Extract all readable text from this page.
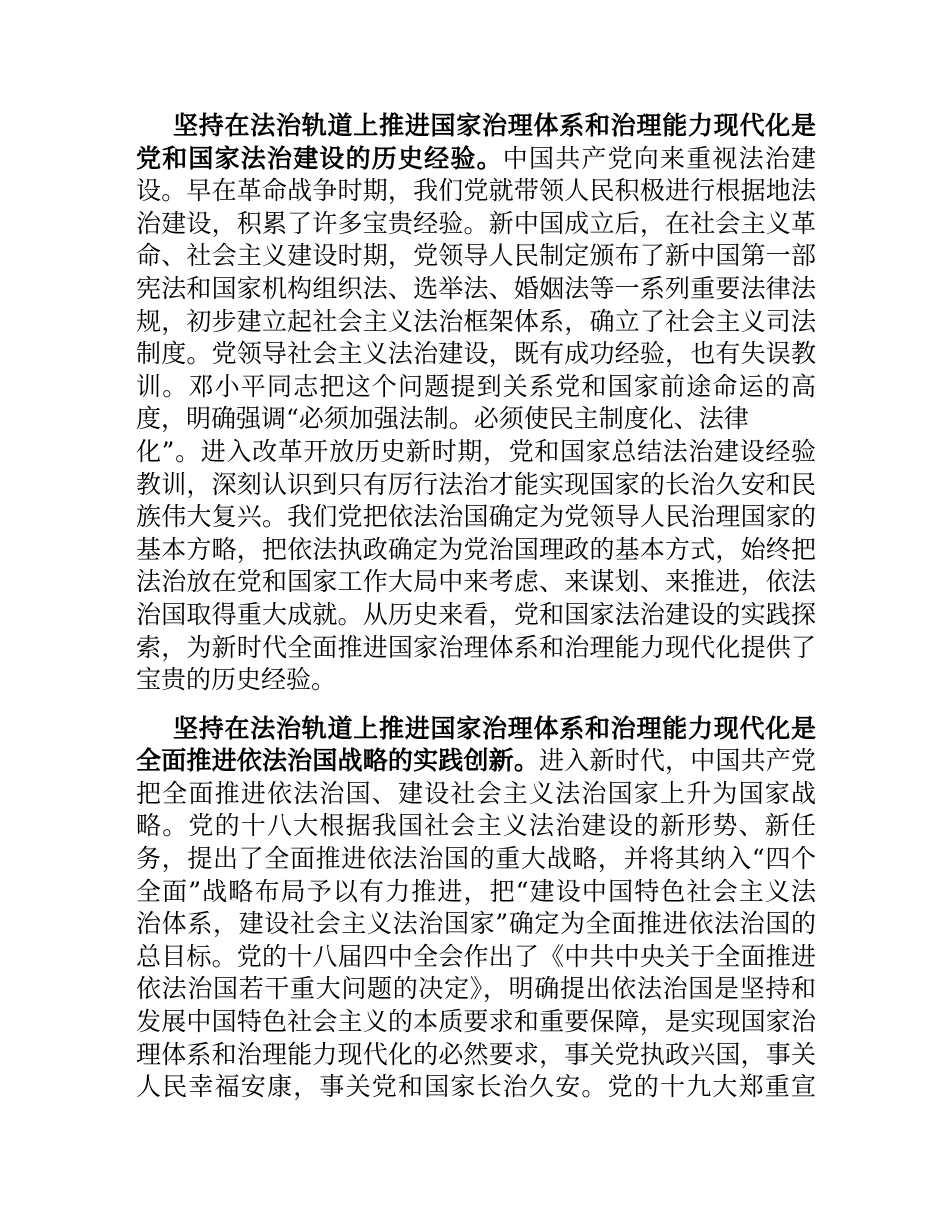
坚持在法治轨道上推进国家治理体系和治理能力现代化是
党和国家法治建设的历史经验。中国共产党向来重视法治建
设。早在革命战争时期，我们党就带领人民积极进行根据地法
治建设，积累了许多宝贵经验。新中国成立后，在社会主义革
命、社会主义建设时期，党领导人民制定颁布了新中国第一部
宪法和国家机构组织法、选举法、婚姻法等一系列重要法律法
规，初步建立起社会主义法治框架体系，确立了社会主义司法
制度。党领导社会主义法治建设，既有成功经验，也有失误教
训。邓小平同志把这个问题提到关系党和国家前途命运的高
度，明确强调“必须加强法制。必须使民主制度化、法律
化”。进入改革开放历史新时期，党和国家总结法治建设经验
教训，深刻认识到只有厉行法治才能实现国家的长治久安和民
族伟大复兴。我们党把依法治国确定为党领导人民治理国家的
基本方略，把依法执政确定为党治国理政的基本方式，始终把
法治放在党和国家工作大局中来考虑、来谋划、来推进，依法
治国取得重大成就。从历史来看，党和国家法治建设的实践探
索，为新时代全面推进国家治理体系和治理能力现代化提供了
宝贵的历史经验。
坚持在法治轨道上推进国家治理体系和治理能力现代化是
全面推进依法治国战略的实践创新。进入新时代，中国共产党
把全面推进依法治国、建设社会主义法治国家上升为国家战
略。党的十八大根据我国社会主义法治建设的新形势、新任
务，提出了全面推进依法治国的重大战略，并将其纳入“四个
全面”战略布局予以有力推进，把“建设中国特色社会主义法
治体系，建设社会主义法治国家”确定为全面推进依法治国的
总目标。党的十八届四中全会作出了《中共中央关于全面推进
依法治国若干重大问题的决定》，明确提出依法治国是坚持和
发展中国特色社会主义的本质要求和重要保障，是实现国家治
理体系和治理能力现代化的必然要求，事关党执政兴国，事关
人民幸福安康，事关党和国家长治久安。党的十九大郑重宣
